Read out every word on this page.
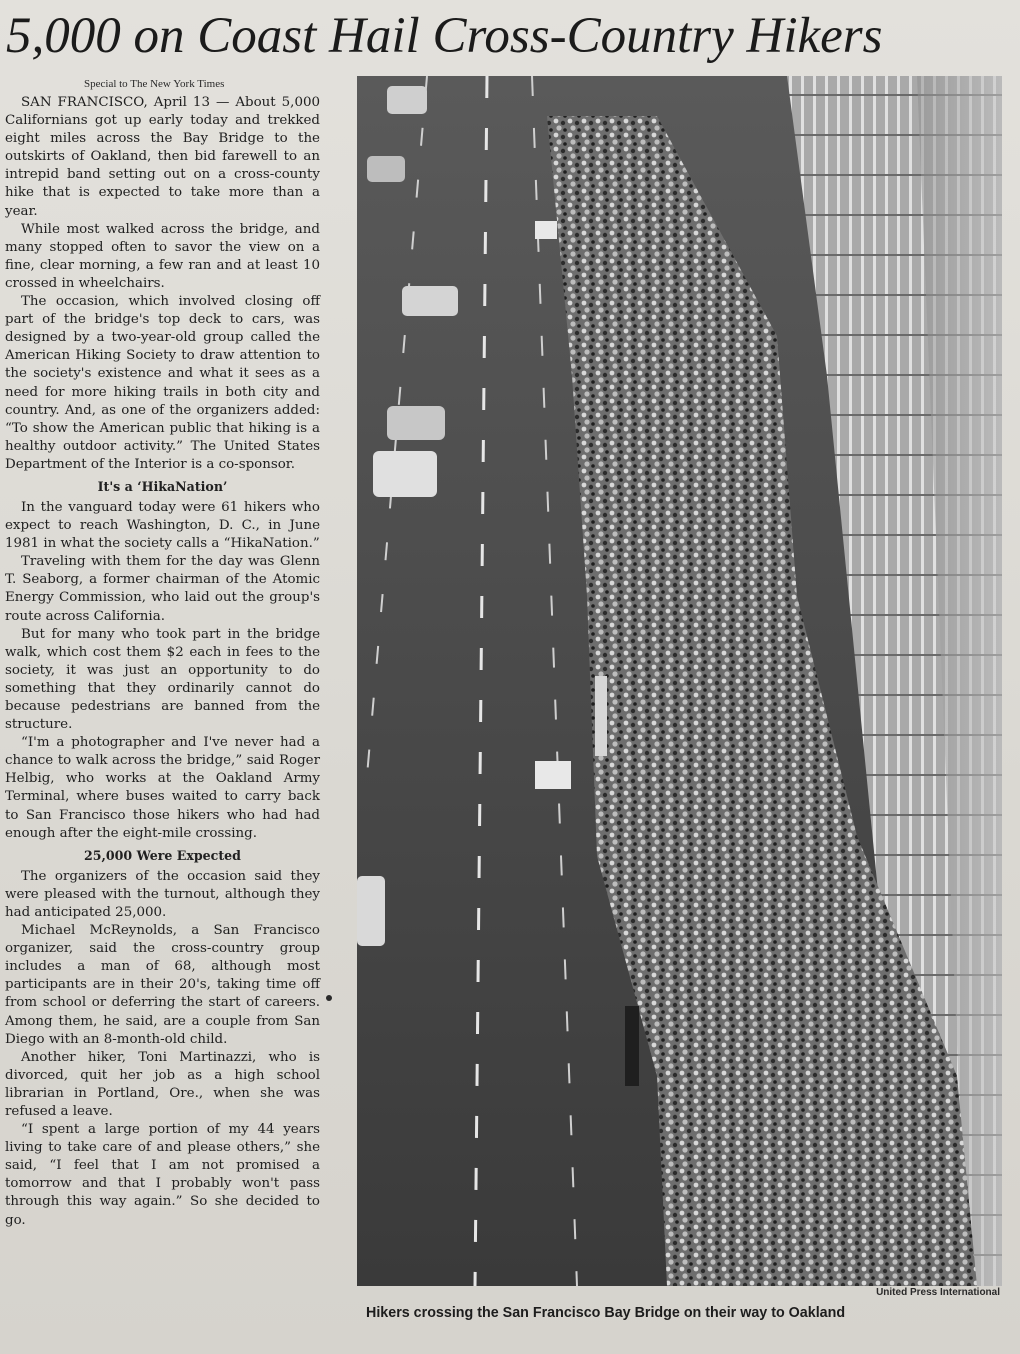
5,000 on Coast Hail Cross-Country Hikers
Special to The New York Times

SAN FRANCISCO, April 13 — About 5,000 Californians got up early today and trekked eight miles across the Bay Bridge to the outskirts of Oakland, then bid farewell to an intrepid band setting out on a cross-county hike that is expected to take more than a year.

While most walked across the bridge, and many stopped often to savor the view on a fine, clear morning, a few ran and at least 10 crossed in wheelchairs.

The occasion, which involved closing off part of the bridge's top deck to cars, was designed by a two-year-old group called the American Hiking Society to draw attention to the society's existence and what it sees as a need for more hiking trails in both city and country. And, as one of the organizers added: “To show the American public that hiking is a healthy outdoor activity.” The United States Department of the Interior is a co-sponsor.

It's a ‘HikaNation’

In the vanguard today were 61 hikers who expect to reach Washington, D. C., in June 1981 in what the society calls a “HikaNation.”

Traveling with them for the day was Glenn T. Seaborg, a former chairman of the Atomic Energy Commission, who laid out the group's route across California.

But for many who took part in the bridge walk, which cost them $2 each in fees to the society, it was just an opportunity to do something that they ordinarily cannot do because pedestrians are banned from the structure.

“I'm a photographer and I've never had a chance to walk across the bridge,” said Roger Helbig, who works at the Oakland Army Terminal, where buses waited to carry back to San Francisco those hikers who had had enough after the eight-mile crossing.

25,000 Were Expected

The organizers of the occasion said they were pleased with the turnout, although they had anticipated 25,000.

Michael McReynolds, a San Francisco organizer, said the cross-country group includes a man of 68, although most participants are in their 20's, taking time off from school or deferring the start of careers. Among them, he said, are a couple from San Diego with an 8-month-old child.

Another hiker, Toni Martinazzi, who is divorced, quit her job as a high school librarian in Portland, Ore., when she was refused a leave.

“I spent a large portion of my 44 years living to take care of and please others,” she said, “I feel that I am not promised a tomorrow and that I probably won't pass through this way again.” So she decided to go.

United Press International
Hikers crossing the San Francisco Bay Bridge on their way to Oakland
